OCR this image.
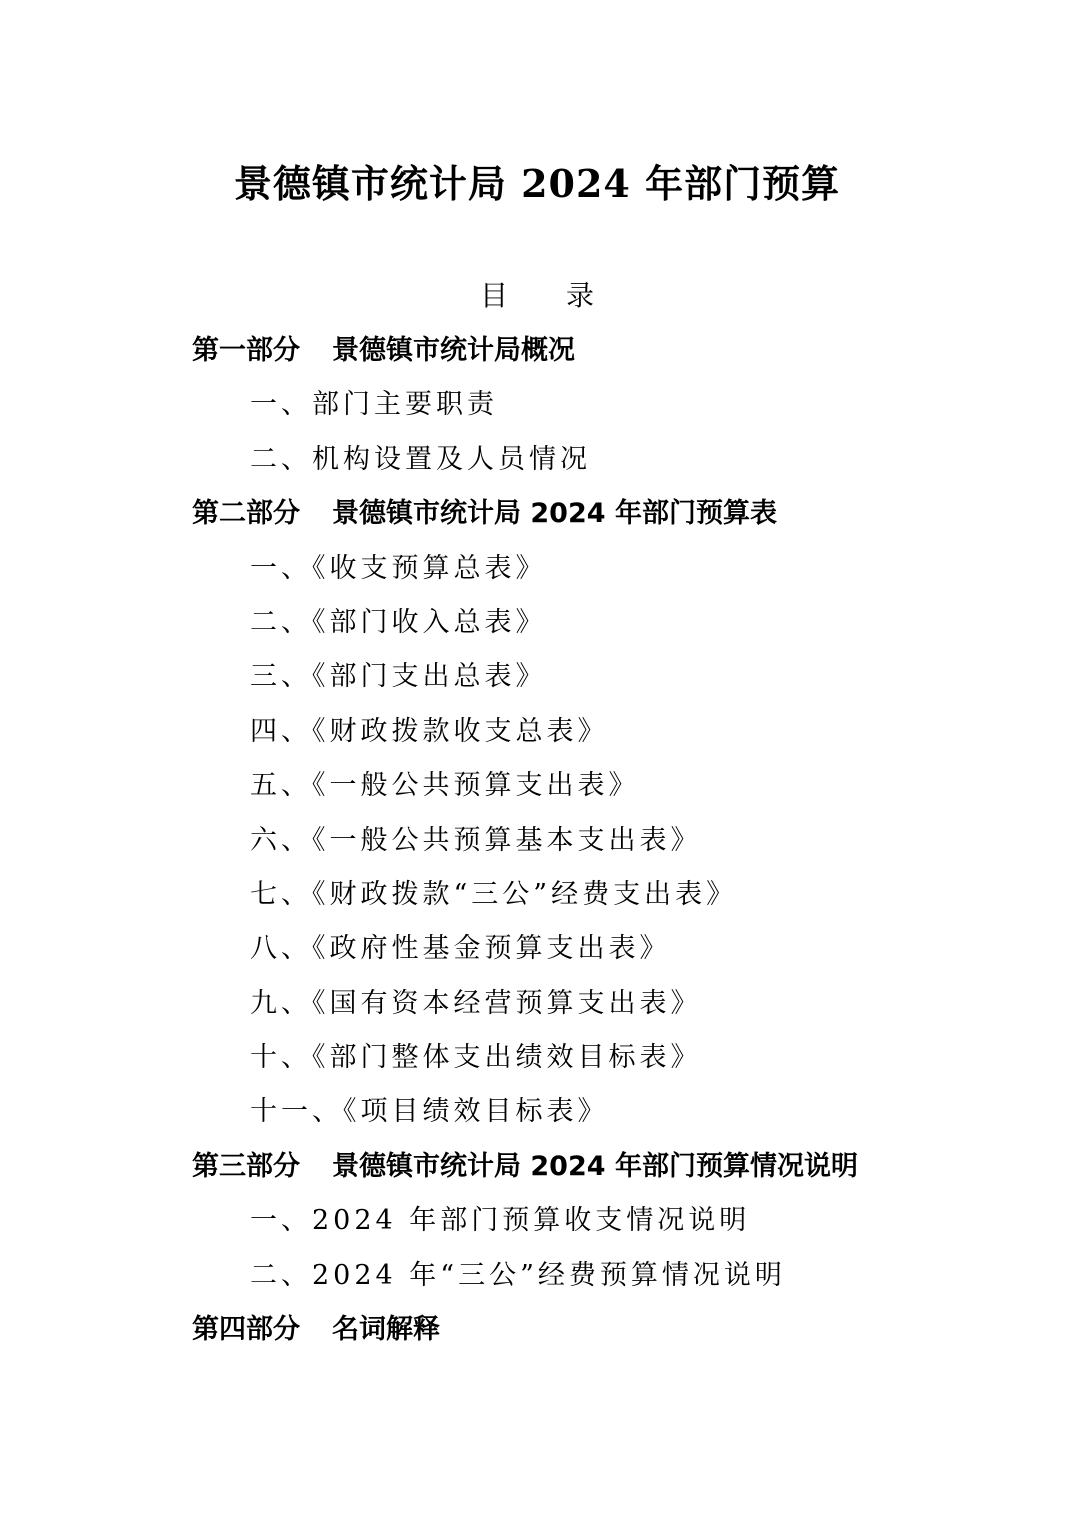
景德镇市统计局 2024 年部门预算
目 录
第一部分 景德镇市统计局概况
一、部门主要职责
二、机构设置及人员情况
第二部分 景德镇市统计局 2024 年部门预算表
一、《收支预算总表》
二、《部门收入总表》
三、《部门支出总表》
四、《财政拨款收支总表》
五、《一般公共预算支出表》
六、《一般公共预算基本支出表》
七、《财政拨款“三公”经费支出表》
八、《政府性基金预算支出表》
九、《国有资本经营预算支出表》
十、《部门整体支出绩效目标表》
十一、《项目绩效目标表》
第三部分 景德镇市统计局 2024 年部门预算情况说明
一、2024 年部门预算收支情况说明
二、2024 年“三公”经费预算情况说明
第四部分 名词解释
